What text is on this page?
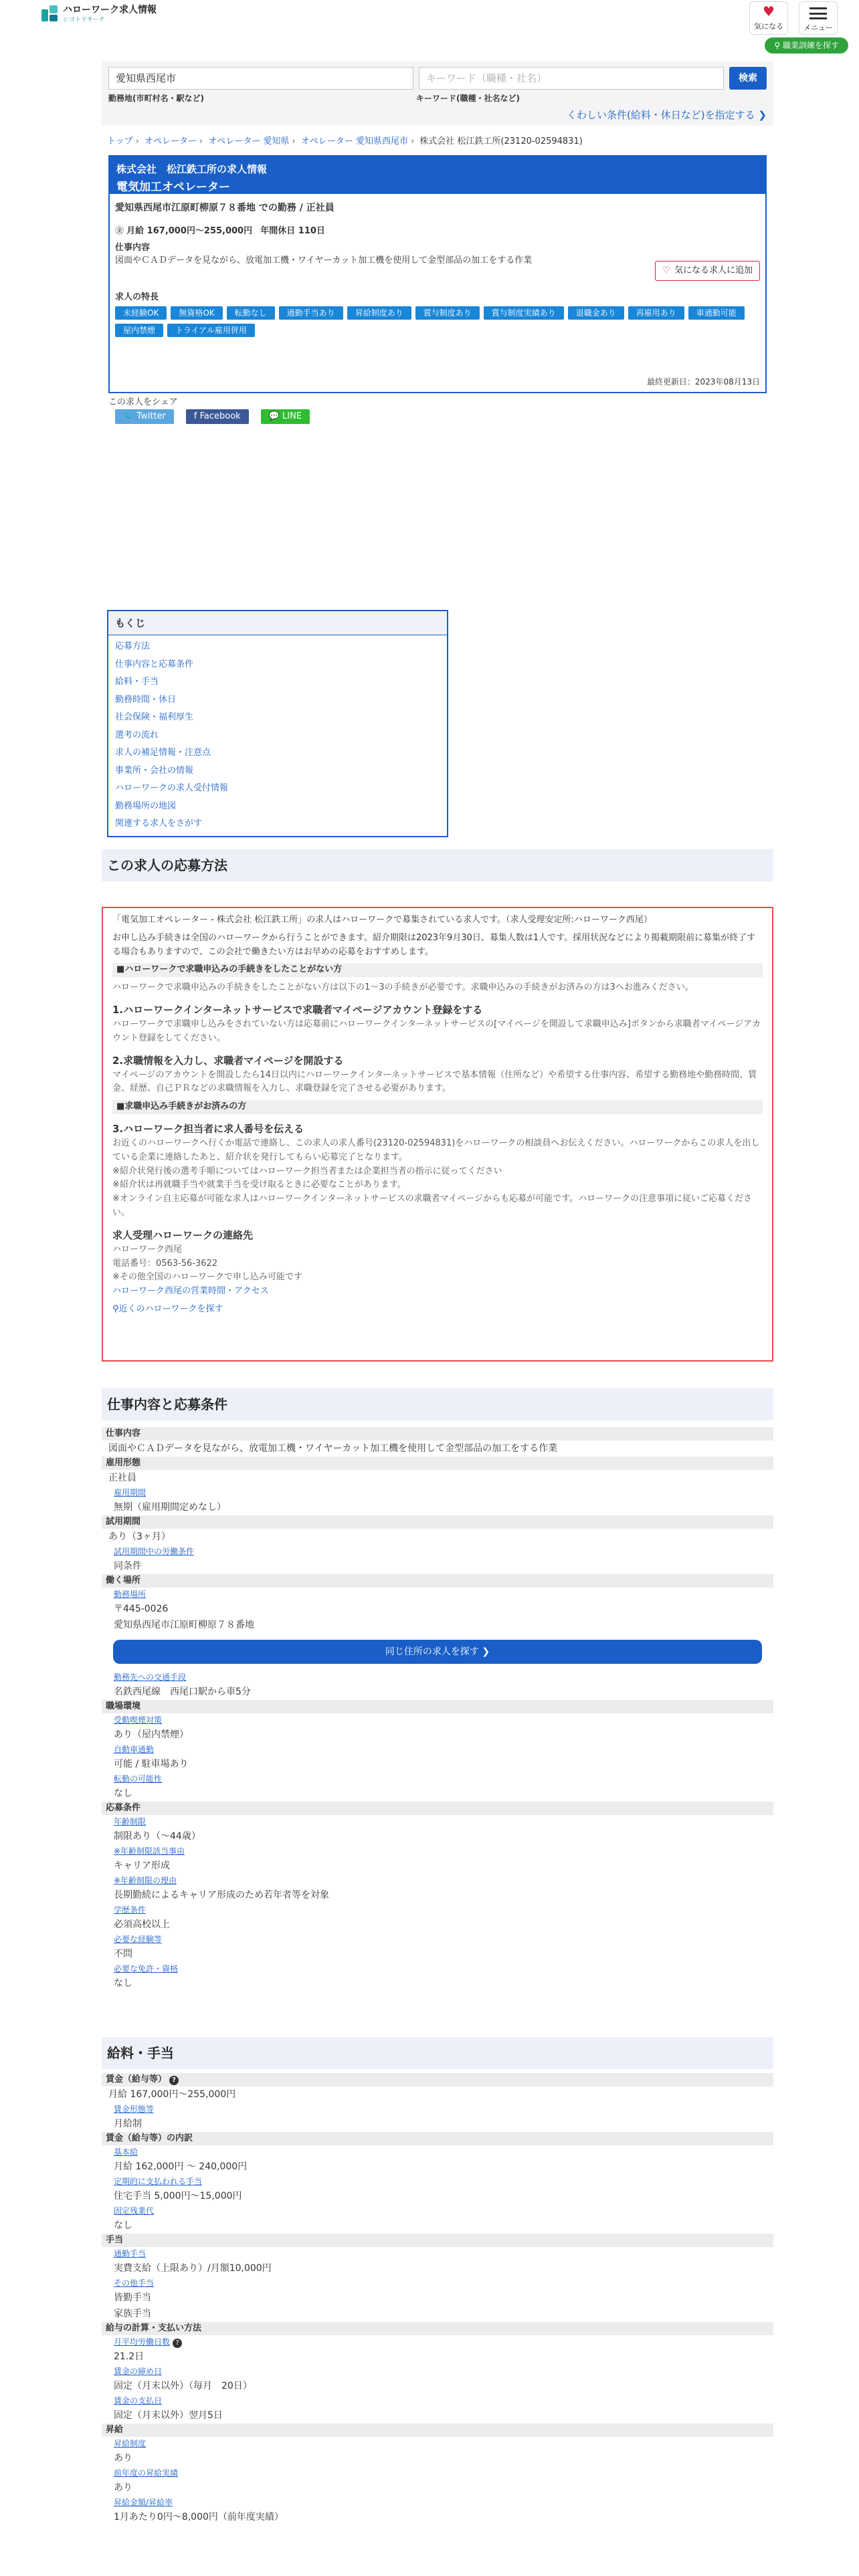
ハローワーク求人情報
シゴトリサーチ
♥
気になる	メニュー
⚲ 職業訓練を探す
愛知県西尾市	キーワード（職種・社名）	検索
勤務地(市町村名・駅など)	キーワード(職種・社名など)
くわしい条件(給料・休日など)を指定する ❯
トップ › オペレーター › オペレーター 愛知県 › オペレーター 愛知県西尾市 › 株式会社 松江鉄工所(23120-02594831)
株式会社　松江鉄工所の求人情報
電気加工オペレーター
愛知県西尾市江原町柳原７８番地 での勤務 / 正社員
㊎ 月給 167,000円〜255,000円 年間休日 110日
仕事内容
図面やＣＡＤデータを見ながら、放電加工機・ワイヤーカット加工機を使用して金型部品の加工をする作業
♡ 気になる求人に追加
求人の特長
未経験OK	無資格OK	転勤なし	通勤手当あり	昇給制度あり	賞与制度あり	賞与制度実績あり	退職金あり	再雇用あり	車通勤可能
屋内禁煙	トライアル雇用併用
最終更新日：2023年08月13日
この求人をシェア
🐦 Twitter	f Facebook	💬 LINE
もくじ
応募方法
仕事内容と応募条件
給料・手当
勤務時間・休日
社会保険・福利厚生
選考の流れ
求人の補足情報・注意点
事業所・会社の情報
ハローワークの求人受付情報
勤務場所の地図
関連する求人をさがす
この求人の応募方法

「電気加工オペレーター - 株式会社 松江鉄工所」の求人はハローワークで募集されている求人です。（求人受理安定所:ハローワーク西尾）

お申し込み手続きは全国のハローワークから行うことができます。紹介期限は2023年9月30日、募集人数は1人です。採用状況などにより掲載期限前に募集が終了する場合もありますので、この会社で働きたい方はお早めの応募をおすすめします。

■ハローワークで求職申込みの手続きをしたことがない方

ハローワークで求職申込みの手続きをしたことがない方は以下の1〜3の手続きが必要です。求職申込みの手続きがお済みの方は3へお進みください。

1.ハローワークインターネットサービスで求職者マイページアカウント登録をする

ハローワークで求職申し込みをされていない方は応募前にハローワークインターネットサービスの[マイページを開設して求職申込み]ボタンから求職者マイページアカウント登録をしてください。

2.求職情報を入力し、求職者マイページを開設する

マイページのアカウントを開設したら14日以内にハローワークインターネットサービスで基本情報（住所など）や希望する仕事内容、希望する勤務地や勤務時間、賃金、経歴、自己ＰＲなどの求職情報を入力し、求職登録を完了させる必要があります。

■求職申込み手続きがお済みの方
3.ハローワーク担当者に求人番号を伝える

お近くのハローワークへ行くか電話で連絡し、この求人の求人番号(23120-02594831)をハローワークの相談員へお伝えください。ハローワークからこの求人を出している企業に連絡したあと、紹介状を発行してもらい応募完了となります。

※紹介状発行後の選考手順についてはハローワーク担当者または企業担当者の指示に従ってください

※紹介状は再就職手当や就業手当を受け取るときに必要なことがあります。

※オンライン自主応募が可能な求人はハローワークインターネットサービスの求職者マイページからも応募が可能です。ハローワークの注意事項に従いご応募ください。

求人受理ハローワークの連絡先
ハローワーク西尾
電話番号：0563-56-3622
※その他全国のハローワークで申し込み可能です
ハローワーク西尾の営業時間・アクセス
⚲近くのハローワークを探す
仕事内容と応募条件
仕事内容
図面やＣＡＤデータを見ながら、放電加工機・ワイヤーカット加工機を使用して金型部品の加工をする作業
雇用形態
正社員
雇用期間
無期（雇用期間定めなし）
試用期間
あり（3ヶ月）
試用期間中の労働条件
同条件
働く場所
勤務場所
〒445-0026
愛知県西尾市江原町柳原７８番地
同じ住所の求人を探す ❯
勤務先への交通手段
名鉄西尾線　西尾口駅から車5分
職場環境
受動喫煙対策
あり（屋内禁煙）
自動車通勤
可能 / 駐車場あり
転勤の可能性
なし
応募条件
年齢制限
制限あり（〜44歳）
※年齢制限該当事由
キャリア形成
※年齢制限の理由
長期勤続によるキャリア形成のため若年者等を対象
学歴条件
必須高校以上
必要な経験等
不問
必要な免許・資格
なし
給料・手当
賃金（給与等） ?
月給 167,000円〜255,000円
賃金形態等
月給制
賃金（給与等）の内訳
基本給
月給 162,000円 〜 240,000円
定期的に支払われる手当
住宅手当 5,000円〜15,000円
固定残業代
なし
手当
通勤手当
実費支給（上限あり）/月額10,000円
その他手当
皆勤手当
家族手当
給与の計算・支払い方法
月平均労働日数 ?
21.2日
賃金の締め日
固定（月末以外）（毎月　20日）
賃金の支払日
固定（月末以外）翌月5日
昇給
昇給制度
あり
前年度の昇給実績
あり
昇給金額/昇給率
1月あたり0円〜8,000円（前年度実績）
